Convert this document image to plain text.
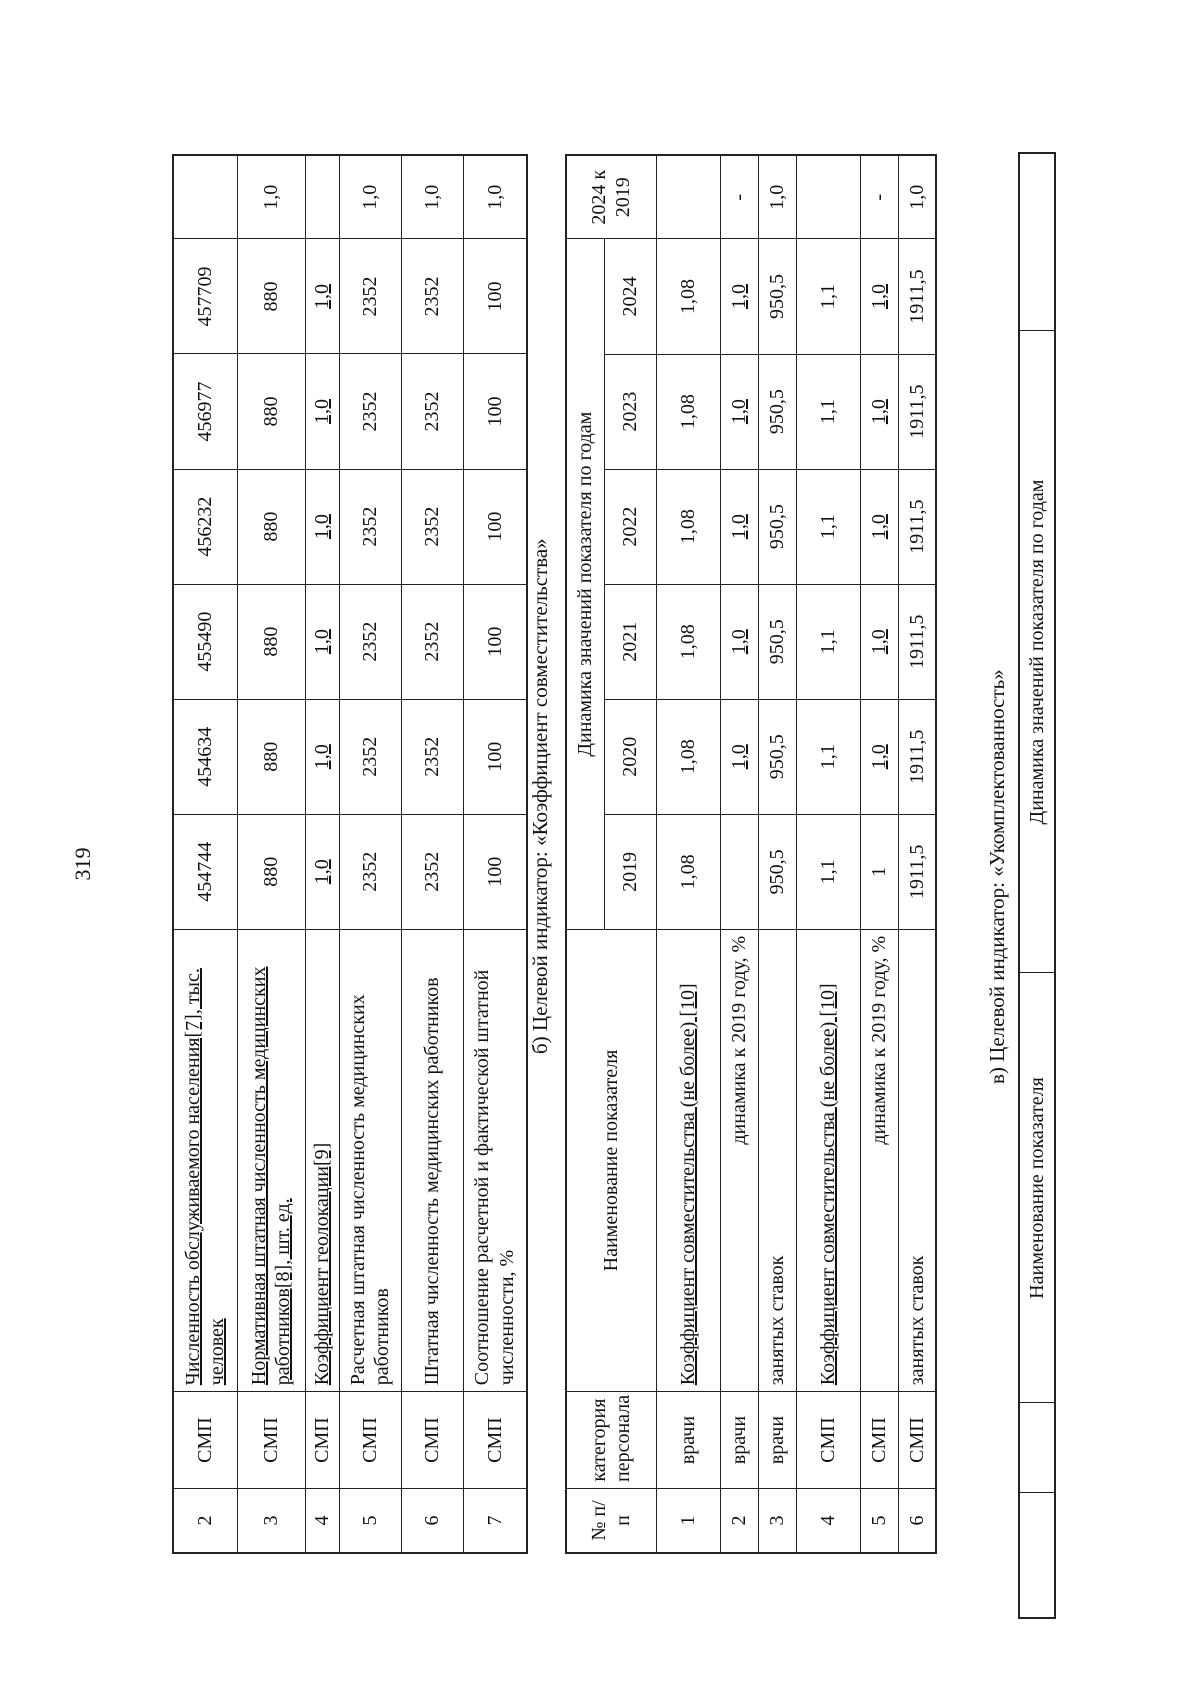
319
2	СМП	Численность обслуживаемого населения[7], тыс. человек	454744	454634	455490	456232	456977	457709	
3	СМП	Нормативная штатная численность медицинских работников[8], шт. ед.	880	880	880	880	880	880	1,0
4	СМП	Коэффициент геолокации[9]	1,0	1,0	1,0	1,0	1,0	1,0	
5	СМП	Расчетная штатная численность медицинских работников	2352	2352	2352	2352	2352	2352	1,0
6	СМП	Штатная численность медицинских работников	2352	2352	2352	2352	2352	2352	1,0
7	СМП	Соотношение расчетной и фактической штатной численности, %	100	100	100	100	100	100	1,0
б) Целевой индикатор: «Коэффициент совместительства»
№ п/п	категория персонала	Наименование показателя	Динамика значений показателя по годам						2024 к 2019
			2019	2020	2021	2022	2023	2024	
1	врачи	Коэффициент совместительства (не более) [10]	1,08	1,08	1,08	1,08	1,08	1,08	
2	врачи	динамика к 2019 году, %		1,0	1,0	1,0	1,0	1,0	-
3	врачи	занятых ставок	950,5	950,5	950,5	950,5	950,5	950,5	1,0
4	СМП	Коэффициент совместительства (не более) [10]	1,1	1,1	1,1	1,1	1,1	1,1	
5	СМП	динамика к 2019 году, %	1	1,0	1,0	1,0	1,0	1,0	-
6	СМП	занятых ставок	1911,5	1911,5	1911,5	1911,5	1911,5	1911,5	1,0
в) Целевой индикатор: «Укомплектованность»
		Наименование показателя	Динамика значений показателя по годам	
